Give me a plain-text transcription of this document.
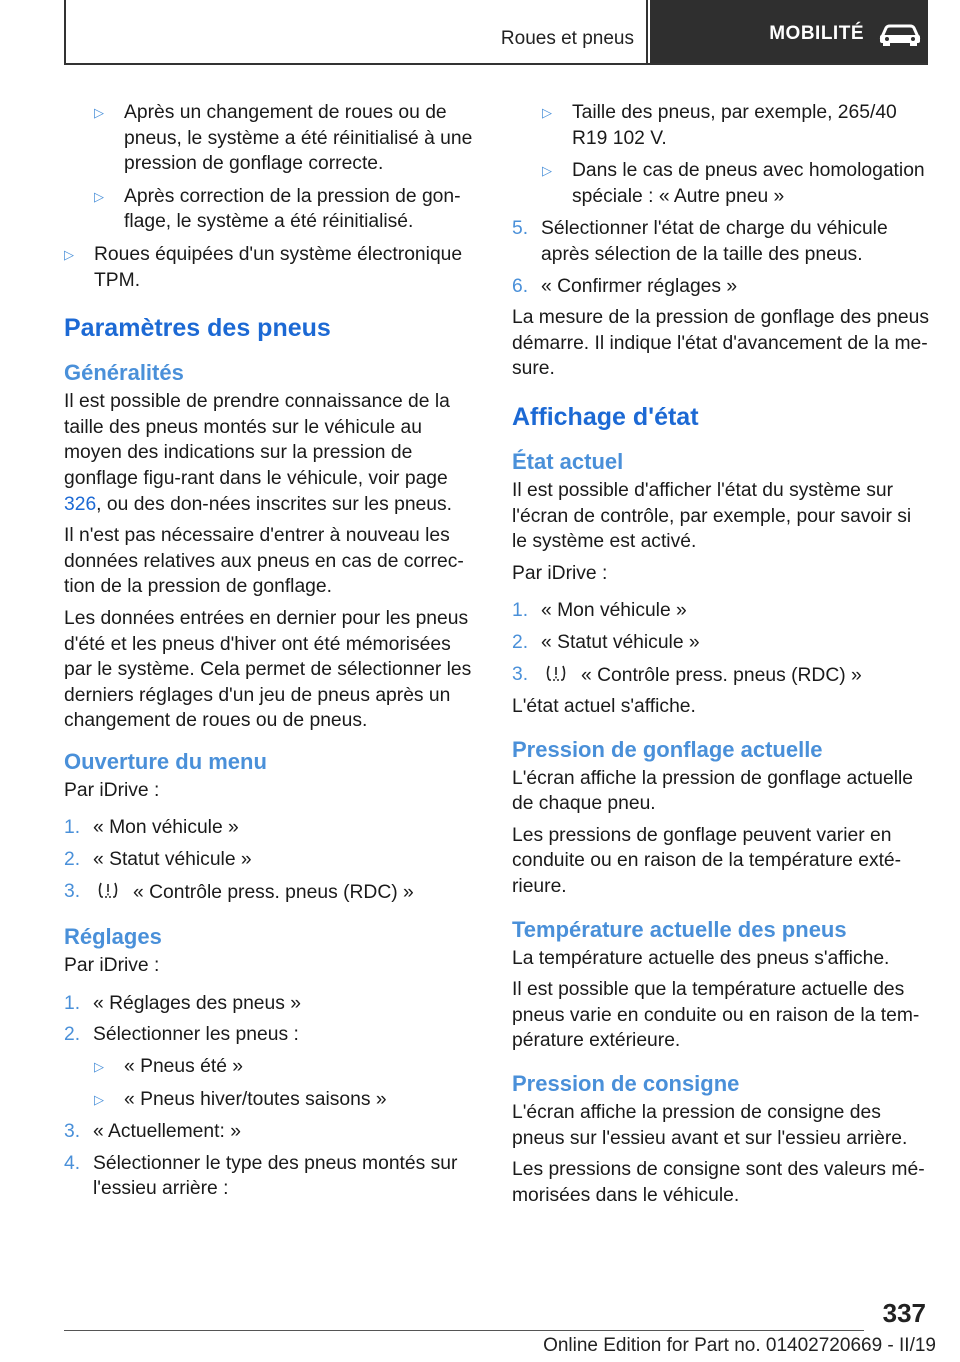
Roues et pneus	MOBILITÉ
▷	Après un changement de roues ou de pneus, le système a été réinitialisé à une pression de gonflage correcte.
▷	Après correction de la pression de gon‐flage, le système a été réinitialisé.
▷	Roues équipées d'un système électronique TPM.
Paramètres des pneus
Généralités

Il est possible de prendre connaissance de la taille des pneus montés sur le véhicule au moyen des indications sur la pression de gonflage figu‐rant dans le véhicule, voir page 326, ou des don‐nées inscrites sur les pneus.

Il n'est pas nécessaire d'entrer à nouveau les données relatives aux pneus en cas de correc‐tion de la pression de gonflage.

Les données entrées en dernier pour les pneus d'été et les pneus d'hiver ont été mémorisées par le système. Cela permet de sélectionner les derniers réglages d'un jeu de pneus après un changement de roues ou de pneus.

Ouverture du menu

Par iDrive :

1. « Mon véhicule »
2. « Statut véhicule »
3.	« Contrôle press. pneus (RDC) »
Réglages

Par iDrive :

1. « Réglages des pneus »
2. Sélectionner les pneus :
▷	« Pneus été »
▷	« Pneus hiver/toutes saisons »
3. « Actuellement: »
4. Sélectionner le type des pneus montés sur l'essieu arrière :
▷	Taille des pneus, par exemple, 265/40 R19 102 V.
▷	Dans le cas de pneus avec homologation spéciale : « Autre pneu »
5. Sélectionner l'état de charge du véhicule après sélection de la taille des pneus.
6. « Confirmer réglages »

La mesure de la pression de gonflage des pneus démarre. Il indique l'état d'avancement de la me‐sure.

Affichage d'état
État actuel

Il est possible d'afficher l'état du système sur l'écran de contrôle, par exemple, pour savoir si le système est activé.

Par iDrive :

1. « Mon véhicule »
2. « Statut véhicule »
3.	« Contrôle press. pneus (RDC) »

L'état actuel s'affiche.

Pression de gonflage actuelle

L'écran affiche la pression de gonflage actuelle de chaque pneu.

Les pressions de gonflage peuvent varier en conduite ou en raison de la température exté‐rieure.

Température actuelle des pneus

La température actuelle des pneus s'affiche.

Il est possible que la température actuelle des pneus varie en conduite ou en raison de la tem‐pérature extérieure.

Pression de consigne

L'écran affiche la pression de consigne des pneus sur l'essieu avant et sur l'essieu arrière.

Les pressions de consigne sont des valeurs mé‐morisées dans le véhicule.

337
Online Edition for Part no. 01402720669 - II/19
